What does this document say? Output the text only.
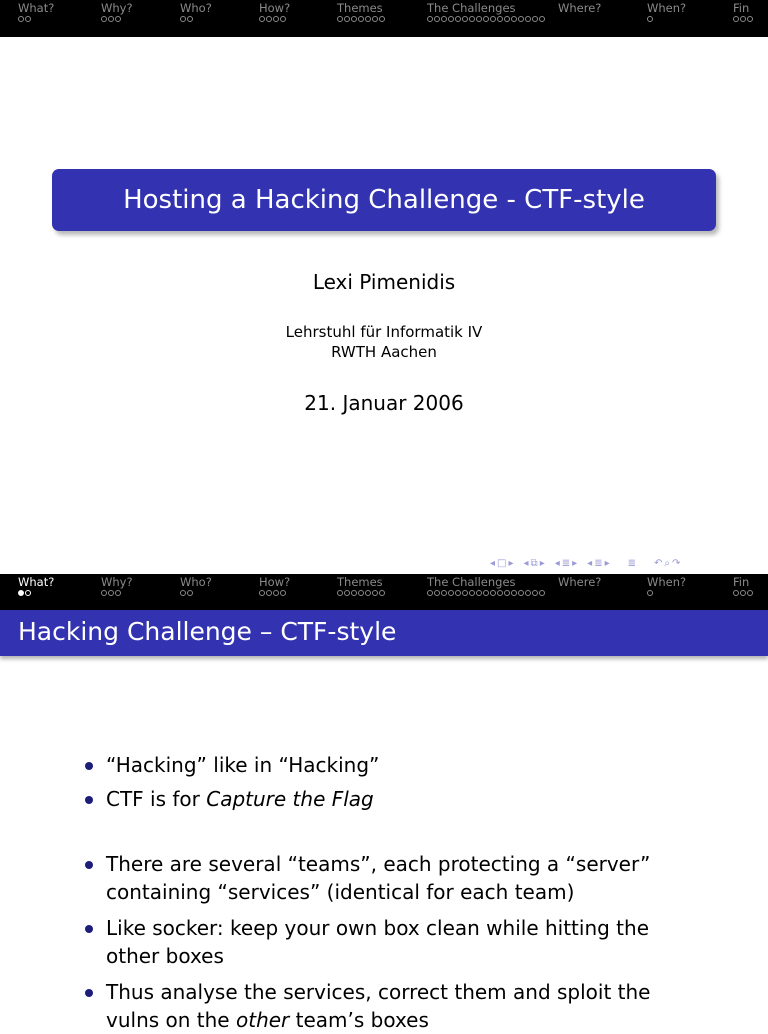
What?	Why?	Who?	How?	Themes	The Challenges	Where?	When?	Fin
Hosting a Hacking Challenge - CTF-style
Lexi Pimenidis
Lehrstuhl für Informatik IV
RWTH Aachen
21. Januar 2006
◂ □ ▸ ◂ ⧉ ▸ ◂ ≣ ▸ ◂ ≣ ▸ ≣ ↶ ⌕ ↷
What?	Why?	Who?	How?	Themes	The Challenges	Where?	When?	Fin
Hacking Challenge – CTF-style
“Hacking” like in “Hacking”
CTF is for Capture the Flag
There are several “teams”, each protecting a “server” containing “services” (identical for each team)
Like socker: keep your own box clean while hitting the other boxes
Thus analyse the services, correct them and sploit the vulns on the other team’s boxes
